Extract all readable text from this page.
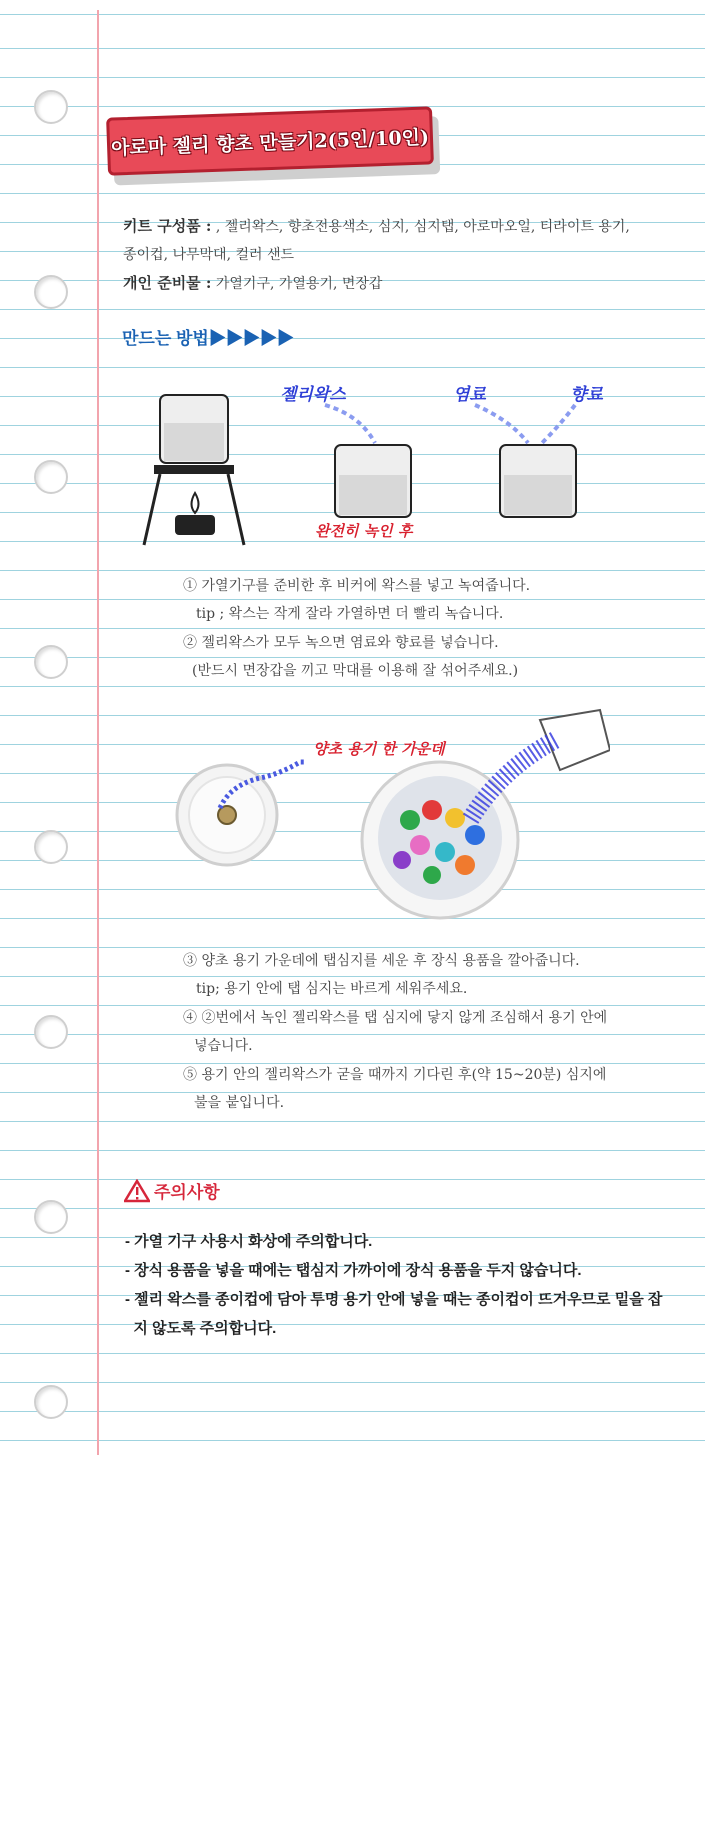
아로마 젤리 향초 만들기2(5인/10인)
키트 구성품 : , 젤리왁스, 향초전용색소, 심지, 심지탭, 아로마오일, 티라이트 용기,
종이컵, 나무막대, 컬러 샌드
개인 준비물 : 가열기구, 가열용기, 면장갑
만드는 방법▶▶▶▶▶
젤리왁스	염료	향료
완전히 녹인 후
① 가열기구를 준비한 후 비커에 왁스를 넣고 녹여줍니다.
tip ; 왁스는 작게 잘라 가열하면 더 빨리 녹습니다.
② 젤리왁스가 모두 녹으면 염료와 향료를 넣습니다.
(반드시 면장갑을 끼고 막대를 이용해 잘 섞어주세요.)
양초 용기 한 가운데
③ 양초 용기 가운데에 탭심지를 세운 후 장식 용품을 깔아줍니다.
tip; 용기 안에 탭 심지는 바르게 세워주세요.
④ ②번에서 녹인 젤리왁스를 탭 심지에 닿지 않게 조심해서 용기 안에
넣습니다.
⑤ 용기 안의 젤리왁스가 굳을 때까지 기다린 후(약 15~20분) 심지에
불을 붙입니다.
주의사항
- 가열 기구 사용시 화상에 주의합니다.
- 장식 용품을 넣을 때에는 탭심지 가까이에 장식 용품을 두지 않습니다.
- 젤리 왁스를 종이컵에 담아 투명 용기 안에 넣을 때는 종이컵이 뜨거우므로 밑을 잡
지 않도록 주의합니다.
